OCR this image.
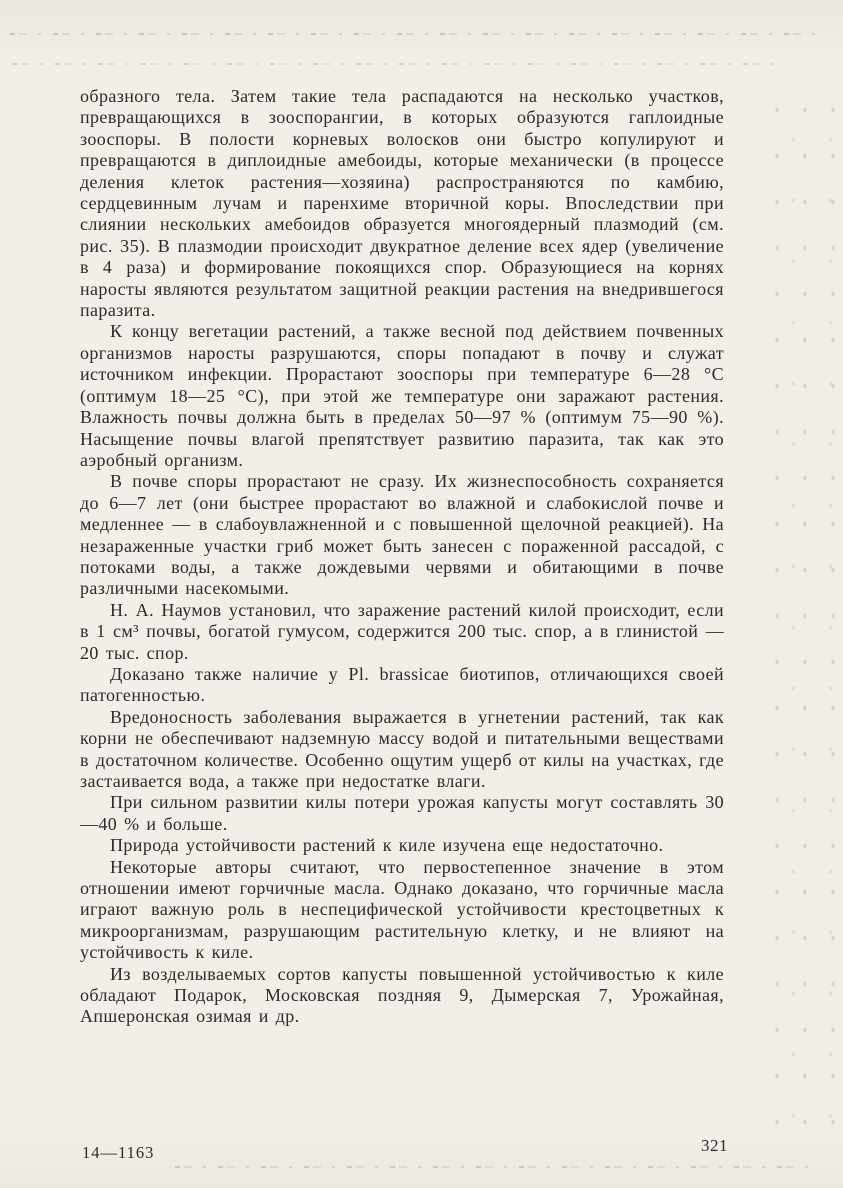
образного тела. Затем такие тела распадаются на несколько участков, превращающихся в зооспорангии, в которых образуются гаплоидные зооспоры. В полости корневых волосков они быстро копулируют и превращаются в диплоидные амебоиды, которые механически (в процессе деления клеток растения—хозяина) распространяются по камбию, сердцевинным лучам и паренхиме вторичной коры. Впоследствии при слиянии нескольких амебоидов образуется многоядерный плазмодий (см. рис. 35). В плазмодии происходит двукратное деление всех ядер (увеличение в 4 раза) и формирование покоящихся спор. Образующиеся на корнях наросты являются результатом защитной реакции растения на внедрившегося паразита.

К концу вегетации растений, а также весной под действием почвенных организмов наросты разрушаются, споры попадают в почву и служат источником инфекции. Прорастают зооспоры при температуре 6—28 °С (оптимум 18—25 °С), при этой же температуре они заражают растения. Влажность почвы должна быть в пределах 50—97 % (оптимум 75—90 %). Насыщение почвы влагой препятствует развитию паразита, так как это аэробный организм.

В почве споры прорастают не сразу. Их жизнеспособность сохраняется до 6—7 лет (они быстрее прорастают во влажной и слабокислой почве и медленнее — в слабоувлажненной и с повышенной щелочной реакцией). На незараженные участки гриб может быть занесен с пораженной рассадой, с потоками воды, а также дождевыми червями и обитающими в почве различными насекомыми.

Н. А. Наумов установил, что заражение растений килой происходит, если в 1 см³ почвы, богатой гумусом, содержится 200 тыс. спор, а в глинистой — 20 тыс. спор.

Доказано также наличие у Pl. brassicae биотипов, отличающихся своей патогенностью.

Вредоносность заболевания выражается в угнетении растений, так как корни не обеспечивают надземную массу водой и питательными веществами в достаточном количестве. Особенно ощутим ущерб от килы на участках, где застаивается вода, а также при недостатке влаги.

При сильном развитии килы потери урожая капусты могут составлять 30—40 % и больше.

Природа устойчивости растений к киле изучена еще недостаточно.

Некоторые авторы считают, что первостепенное значение в этом отношении имеют горчичные масла. Однако доказано, что горчичные масла играют важную роль в неспецифической устойчивости крестоцветных к микроорганизмам, разрушающим растительную клетку, и не влияют на устойчивость к киле.

Из возделываемых сортов капусты повышенной устойчивостью к киле обладают Подарок, Московская поздняя 9, Дымерская 7, Урожайная, Апшеронская озимая и др.

14—1163	321
